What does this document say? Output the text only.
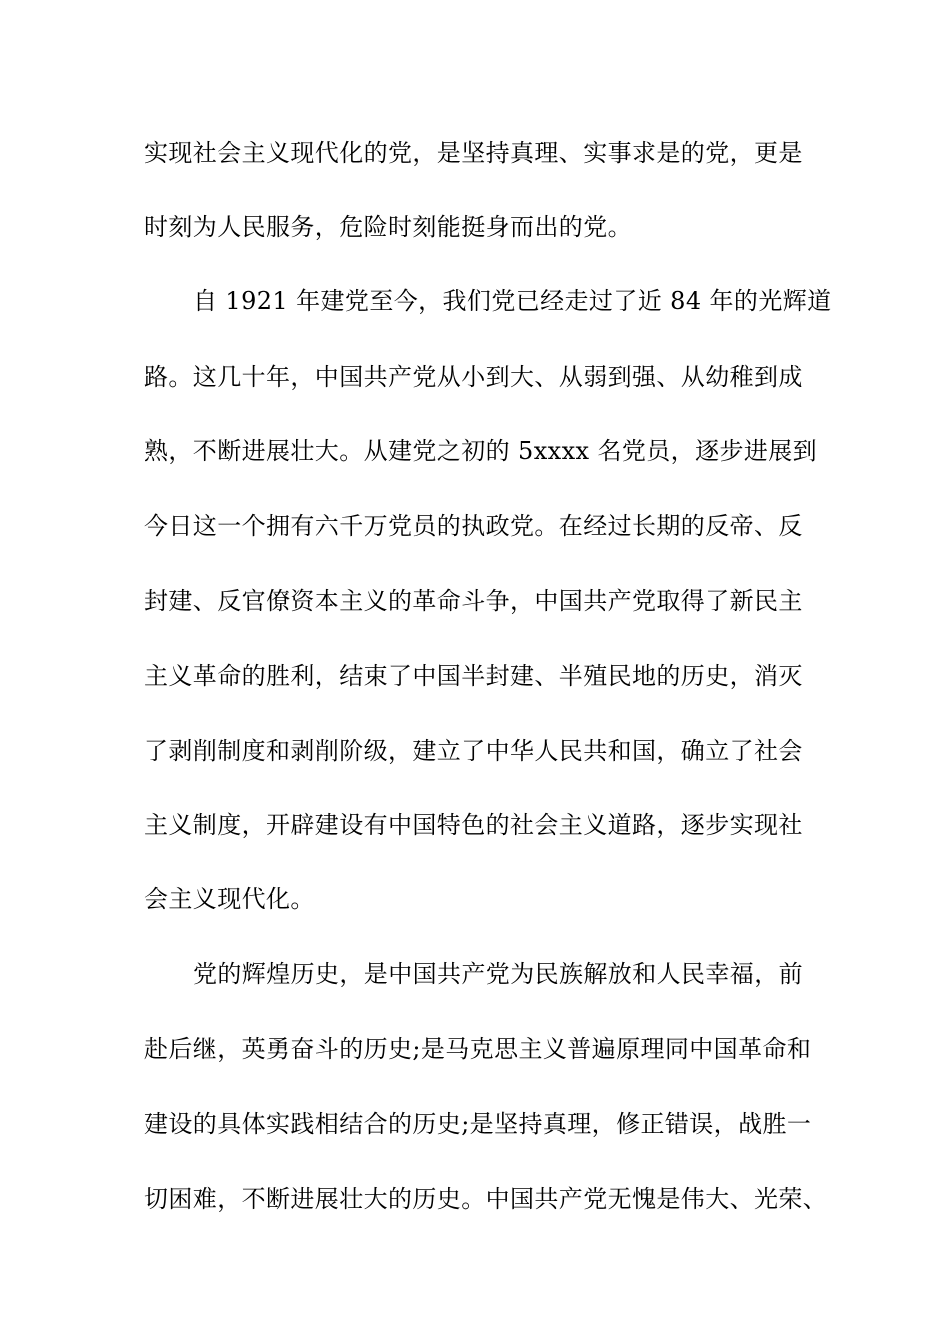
实现社会主义现代化的党，是坚持真理、实事求是的党，更是
时刻为人民服务，危险时刻能挺身而出的党。
自 1921 年建党至今，我们党已经走过了近 84 年的光辉道
路。这几十年，中国共产党从小到大、从弱到强、从幼稚到成
熟，不断进展壮大。从建党之初的 5xxxx 名党员，逐步进展到
今日这一个拥有六千万党员的执政党。在经过长期的反帝、反
封建、反官僚资本主义的革命斗争，中国共产党取得了新民主
主义革命的胜利，结束了中国半封建、半殖民地的历史，消灭
了剥削制度和剥削阶级，建立了中华人民共和国，确立了社会
主义制度，开辟建设有中国特色的社会主义道路，逐步实现社
会主义现代化。
党的辉煌历史，是中国共产党为民族解放和人民幸福，前
赴后继，英勇奋斗的历史;是马克思主义普遍原理同中国革命和
建设的具体实践相结合的历史;是坚持真理，修正错误，战胜一
切困难，不断进展壮大的历史。中国共产党无愧是伟大、光荣、
